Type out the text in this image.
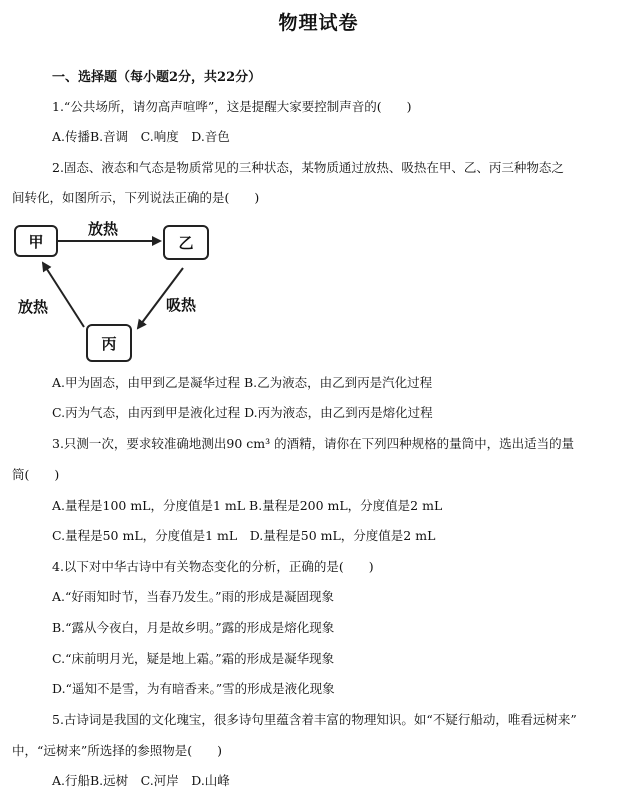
物理试卷
一、选择题（每小题2分，共22分）
1.“公共场所，请勿高声喧哗”，这是提醒大家要控制声音的(　　)
A.传播B.音调　C.响度　D.音色
2.固态、液态和气态是物质常见的三种状态，某物质通过放热、吸热在甲、乙、丙三种物态之
间转化，如图所示，下列说法正确的是(　　)
甲	乙
丙
放热
吸热
放热
A.甲为固态，由甲到乙是凝华过程 B.乙为液态，由乙到丙是汽化过程
C.丙为气态，由丙到甲是液化过程 D.丙为液态，由乙到丙是熔化过程
3.只测一次，要求较准确地测出90 cm³ 的酒精，请你在下列四种规格的量筒中，选出适当的量
筒(　　)
A.量程是100 mL，分度值是1 mL B.量程是200 mL，分度值是2 mL
C.量程是50 mL，分度值是1 mL　D.量程是50 mL，分度值是2 mL
4.以下对中华古诗中有关物态变化的分析，正确的是(　　)
A.“好雨知时节，当春乃发生。”雨的形成是凝固现象
B.“露从今夜白，月是故乡明。”露的形成是熔化现象
C.“床前明月光，疑是地上霜。”霜的形成是凝华现象
D.“遥知不是雪，为有暗香来。”雪的形成是液化现象
5.古诗词是我国的文化瑰宝，很多诗句里蕴含着丰富的物理知识。如“不疑行船动，唯看远树来”
中，“远树来”所选择的参照物是(　　)
A.行船B.远树　C.河岸　D.山峰
